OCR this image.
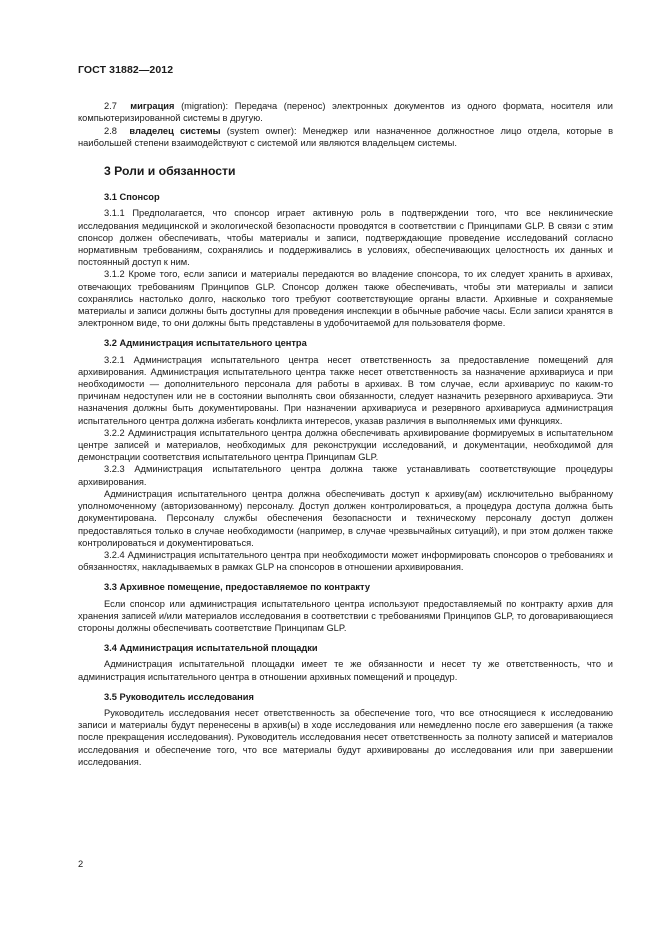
ГОСТ 31882—2012

2.7 миграция (migration): Передача (перенос) электронных документов из одного формата, носителя или компьютеризированной системы в другую.

2.8 владелец системы (system owner): Менеджер или назначенное должностное лицо отдела, которые в наибольшей степени взаимодействуют с системой или являются владельцем системы.

3 Роли и обязанности
3.1 Спонсор

3.1.1 Предполагается, что спонсор играет активную роль в подтверждении того, что все неклинические исследования медицинской и экологической безопасности проводятся в соответствии с Принципами GLP. В связи с этим спонсор должен обеспечивать, чтобы материалы и записи, подтверждающие проведение исследований согласно нормативным требованиям, сохранялись и поддерживались в условиях, обеспечивающих целостность их данных и постоянный доступ к ним.

3.1.2 Кроме того, если записи и материалы передаются во владение спонсора, то их следует хранить в архивах, отвечающих требованиям Принципов GLP. Спонсор должен также обеспечивать, чтобы эти материалы и записи сохранялись настолько долго, насколько того требуют соответствующие органы власти. Архивные и сохраняемые материалы и записи должны быть доступны для проведения инспекции в обычные рабочие часы. Если записи хранятся в электронном виде, то они должны быть представлены в удобочитаемой для пользователя форме.

3.2 Администрация испытательного центра

3.2.1 Администрация испытательного центра несет ответственность за предоставление помещений для архивирования. Администрация испытательного центра также несет ответственность за назначение архивариуса и при необходимости — дополнительного персонала для работы в архивах. В том случае, если архивариус по каким-то причинам недоступен или не в состоянии выполнять свои обязанности, следует назначить резервного архивариуса. Эти назначения должны быть документированы. При назначении архивариуса и резервного архивариуса администрация испытательного центра должна избегать конфликта интересов, указав различия в выполняемых ими функциях.

3.2.2 Администрация испытательного центра должна обеспечивать архивирование формируемых в испытательном центре записей и материалов, необходимых для реконструкции исследований, и документации, необходимой для демонстрации соответствия испытательного центра Принципам GLP.

3.2.3 Администрация испытательного центра должна также устанавливать соответствующие процедуры архивирования.

Администрация испытательного центра должна обеспечивать доступ к архиву(ам) исключительно выбранному уполномоченному (авторизованному) персоналу. Доступ должен контролироваться, а процедура доступа должна быть документирована. Персоналу службы обеспечения безопасности и техническому персоналу доступ должен предоставляться только в случае необходимости (например, в случае чрезвычайных ситуаций), и при этом должен также контролироваться и документироваться.

3.2.4 Администрация испытательного центра при необходимости может информировать спонсоров о требованиях и обязанностях, накладываемых в рамках GLP на спонсоров в отношении архивирования.

3.3 Архивное помещение, предоставляемое по контракту

Если спонсор или администрация испытательного центра используют предоставляемый по контракту архив для хранения записей и/или материалов исследования в соответствии с требованиями Принципов GLP, то договаривающиеся стороны должны обеспечивать соответствие Принципам GLP.

3.4 Администрация испытательной площадки

Администрация испытательной площадки имеет те же обязанности и несет ту же ответственность, что и администрация испытательного центра в отношении архивных помещений и процедур.

3.5 Руководитель исследования

Руководитель исследования несет ответственность за обеспечение того, что все относящиеся к исследованию записи и материалы будут перенесены в архив(ы) в ходе исследования или немедленно после его завершения (а также после прекращения исследования). Руководитель исследования несет ответственность за полноту записей и материалов исследования и обеспечение того, что все материалы будут архивированы до исследования или при завершении исследования.

2
